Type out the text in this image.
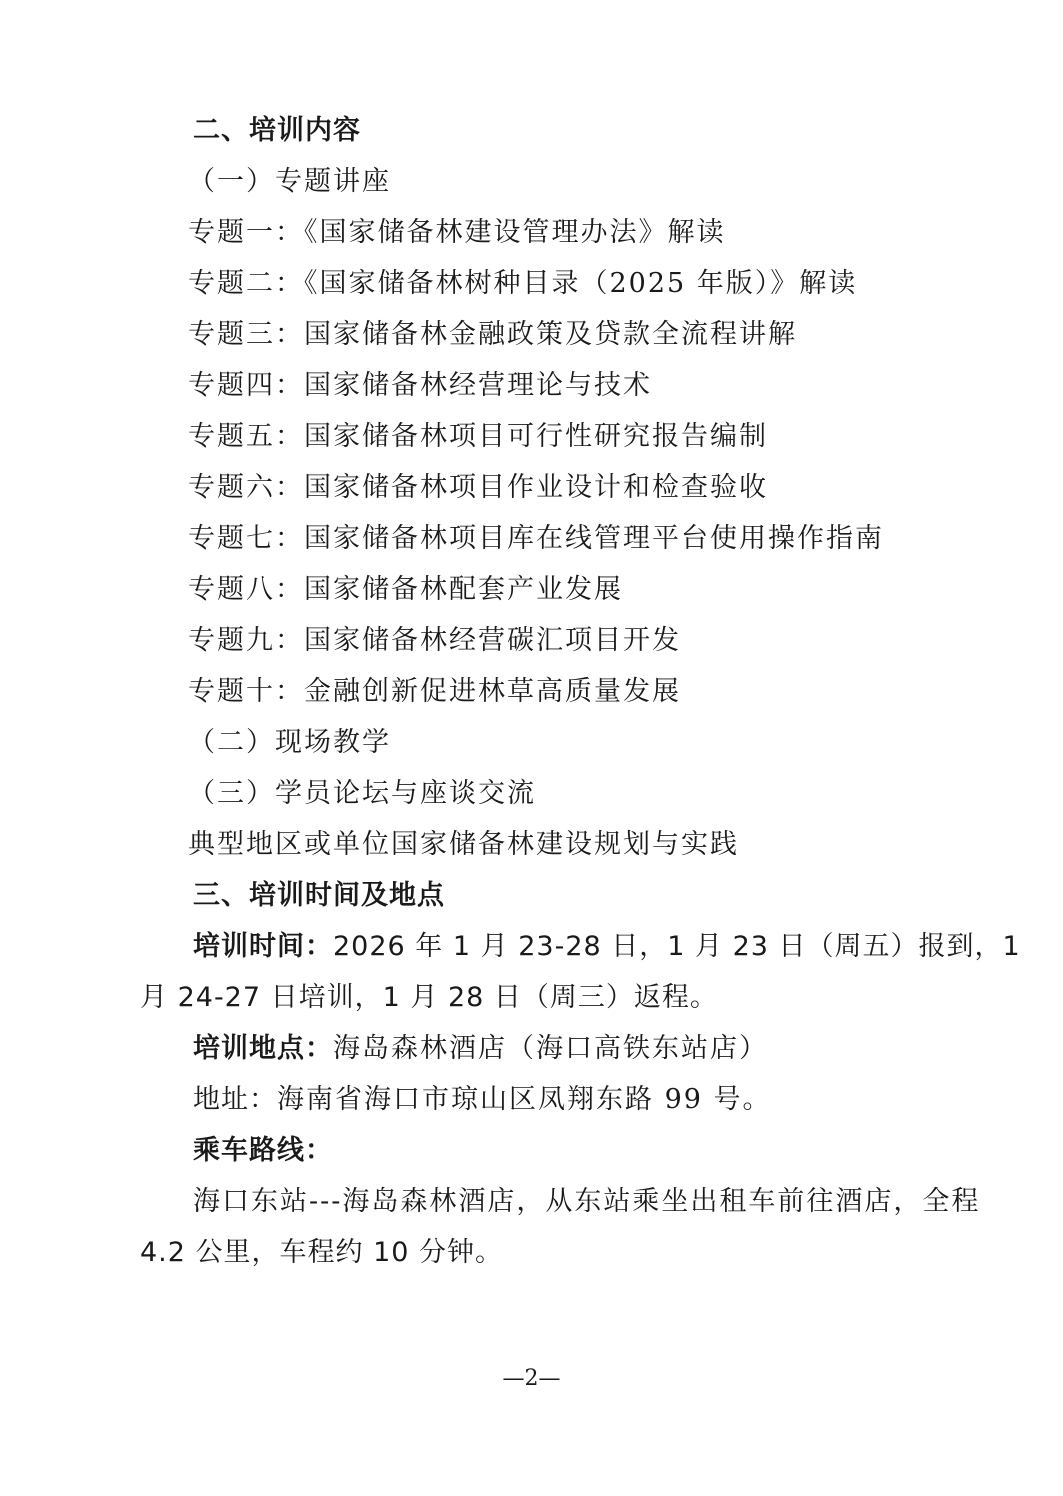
二、培训内容
（一）专题讲座
专题一：《国家储备林建设管理办法》解读
专题二：《国家储备林树种目录（2025 年版）》解读
专题三：国家储备林金融政策及贷款全流程讲解
专题四：国家储备林经营理论与技术
专题五：国家储备林项目可行性研究报告编制
专题六：国家储备林项目作业设计和检查验收
专题七：国家储备林项目库在线管理平台使用操作指南
专题八：国家储备林配套产业发展
专题九：国家储备林经营碳汇项目开发
专题十：金融创新促进林草高质量发展
（二）现场教学
（三）学员论坛与座谈交流
典型地区或单位国家储备林建设规划与实践
三、培训时间及地点
培训时间：2026 年 1 月 23-28 日，1 月 23 日（周五）报到，1
月 24-27 日培训，1 月 28 日（周三）返程。
培训地点：海岛森林酒店（海口高铁东站店）
地址：海南省海口市琼山区凤翔东路 99 号。
乘车路线：
海口东站---海岛森林酒店，从东站乘坐出租车前往酒店，全程
4.2 公里，车程约 10 分钟。
—2—
